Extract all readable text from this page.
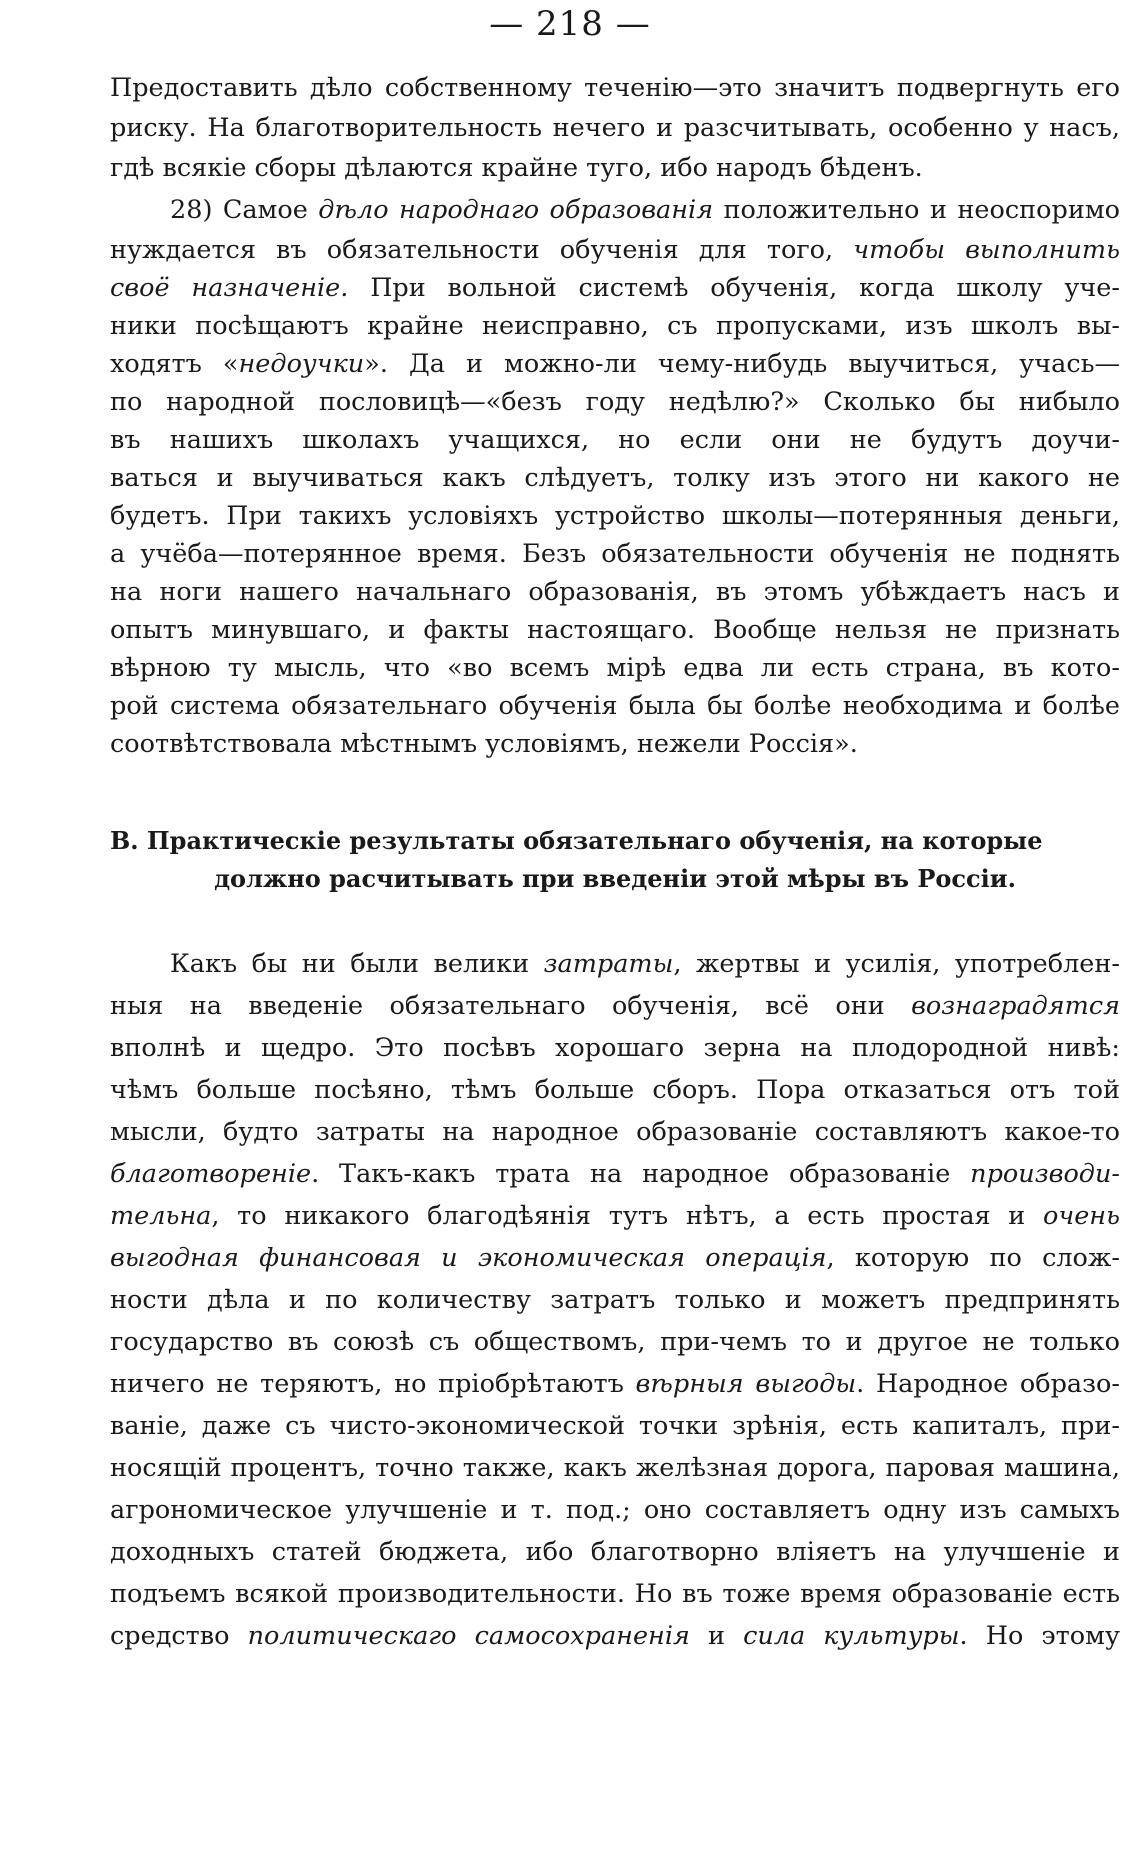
— 218 —
Предоставить дѣло собственному теченію—это значитъ подвергнуть его
риску. На благотворительность нечего и разсчитывать, особенно у насъ,
гдѣ всякіе сборы дѣлаются крайне туго, ибо народъ бѣденъ.
28) Самое дѣло народнаго образованія положительно и неоспоримо
нуждается въ обязательности обученія для того, чтобы выполнить
своё назначеніе. При вольной системѣ обученія, когда школу уче-
ники посѣщаютъ крайне неисправно, съ пропусками, изъ школъ вы-
ходятъ «недоучки». Да и можно-ли чему-нибудь выучиться, учась—
по народной пословицѣ—«безъ году недѣлю?» Сколько бы нибыло
въ нашихъ школахъ учащихся, но если они не будутъ доучи-
ваться и выучиваться какъ слѣдуетъ, толку изъ этого ни какого не
будетъ. При такихъ условіяхъ устройство школы—потерянныя деньги,
а учёба—потерянное время. Безъ обязательности обученія не поднять
на ноги нашего начальнаго образованія, въ этомъ убѣждаетъ насъ и
опытъ минувшаго, и факты настоящаго. Вообще нельзя не признать
вѣрною ту мысль, что «во всемъ мірѣ едва ли есть страна, въ кото-
рой система обязательнаго обученія была бы болѣе необходима и болѣе
соотвѣтствовала мѣстнымъ условіямъ, нежели Россія».
В. Практическіе результаты обязательнаго обученія, на которые
должно расчитывать при введеніи этой мѣры въ Россіи.
Какъ бы ни были велики затраты, жертвы и усилія, употреблен-
ныя на введеніе обязательнаго обученія, всё они вознаградятся
вполнѣ и щедро. Это посѣвъ хорошаго зерна на плодородной нивѣ:
чѣмъ больше посѣяно, тѣмъ больше сборъ. Пора отказаться отъ той
мысли, будто затраты на народное образованіе составляютъ какое-то
благотвореніе. Такъ-какъ трата на народное образованіе производи-
тельна, то никакого благодѣянія тутъ нѣтъ, а есть простая и очень
выгодная финансовая и экономическая операція, которую по слож-
ности дѣла и по количеству затратъ только и можетъ предпринять
государство въ союзѣ съ обществомъ, при-чемъ то и другое не только
ничего не теряютъ, но пріобрѣтаютъ вѣрныя выгоды. Народное образо-
ваніе, даже съ чисто-экономической точки зрѣнія, есть капиталъ, при-
носящій процентъ, точно также, какъ желѣзная дорога, паровая машина,
агрономическое улучшеніе и т. под.; оно составляетъ одну изъ самыхъ
доходныхъ статей бюджета, ибо благотворно вліяетъ на улучшеніе и
подъемъ всякой производительности. Но въ тоже время образованіе есть
средство политическаго самосохраненія и сила культуры. Но этому
